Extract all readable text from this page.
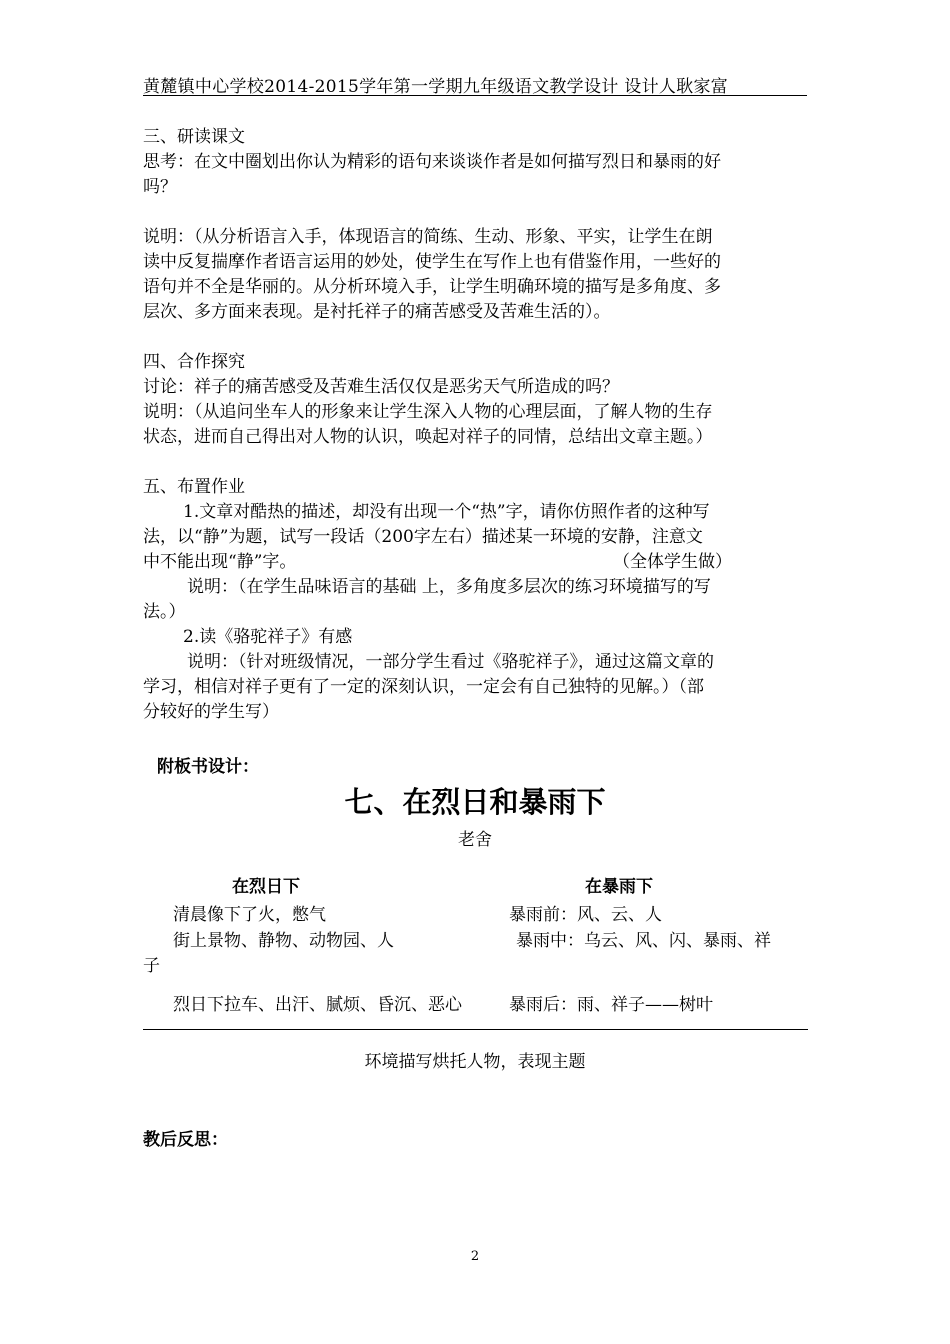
黄麓镇中心学校2014-2015学年第一学期九年级语文教学设计 设计人耿家富

三、研读课文

思考：在文中圈划出你认为精彩的语句来谈谈作者是如何描写烈日和暴雨的好

吗？

说明：（从分析语言入手，体现语言的简练、生动、形象、平实，让学生在朗

读中反复揣摩作者语言运用的妙处，使学生在写作上也有借鉴作用，一些好的

语句并不全是华丽的。从分析环境入手，让学生明确环境的描写是多角度、多

层次、多方面来表现。是衬托祥子的痛苦感受及苦难生活的）。

四、合作探究

讨论：祥子的痛苦感受及苦难生活仅仅是恶劣天气所造成的吗？

说明：（从追问坐车人的形象来让学生深入人物的心理层面，了解人物的生存

状态，进而自己得出对人物的认识，唤起对祥子的同情，总结出文章主题。）

五、布置作业

1.文章对酷热的描述，却没有出现一个“热”字，请你仿照作者的这种写

法，以“静”为题，试写一段话（200字左右）描述某一环境的安静，注意文

中不能出现“静”字。	（全体学生做）

说明：（在学生品味语言的基础 上，多角度多层次的练习环境描写的写

法。）

2.读《骆驼祥子》有感

说明：（针对班级情况，一部分学生看过《骆驼祥子》，通过这篇文章的

学习，相信对祥子更有了一定的深刻认识，一定会有自己独特的见解。）（部

分较好的学生写）

附板书设计：
七、在烈日和暴雨下
老舍
在烈日下	在暴雨下
清晨像下了火，憋气	暴雨前：风、云、人
街上景物、静物、动物园、人	暴雨中：乌云、风、闪、暴雨、祥
子
烈日下拉车、出汗、腻烦、昏沉、恶心	暴雨后：雨、祥子——树叶
环境描写烘托人物，表现主题
教后反思：
2
